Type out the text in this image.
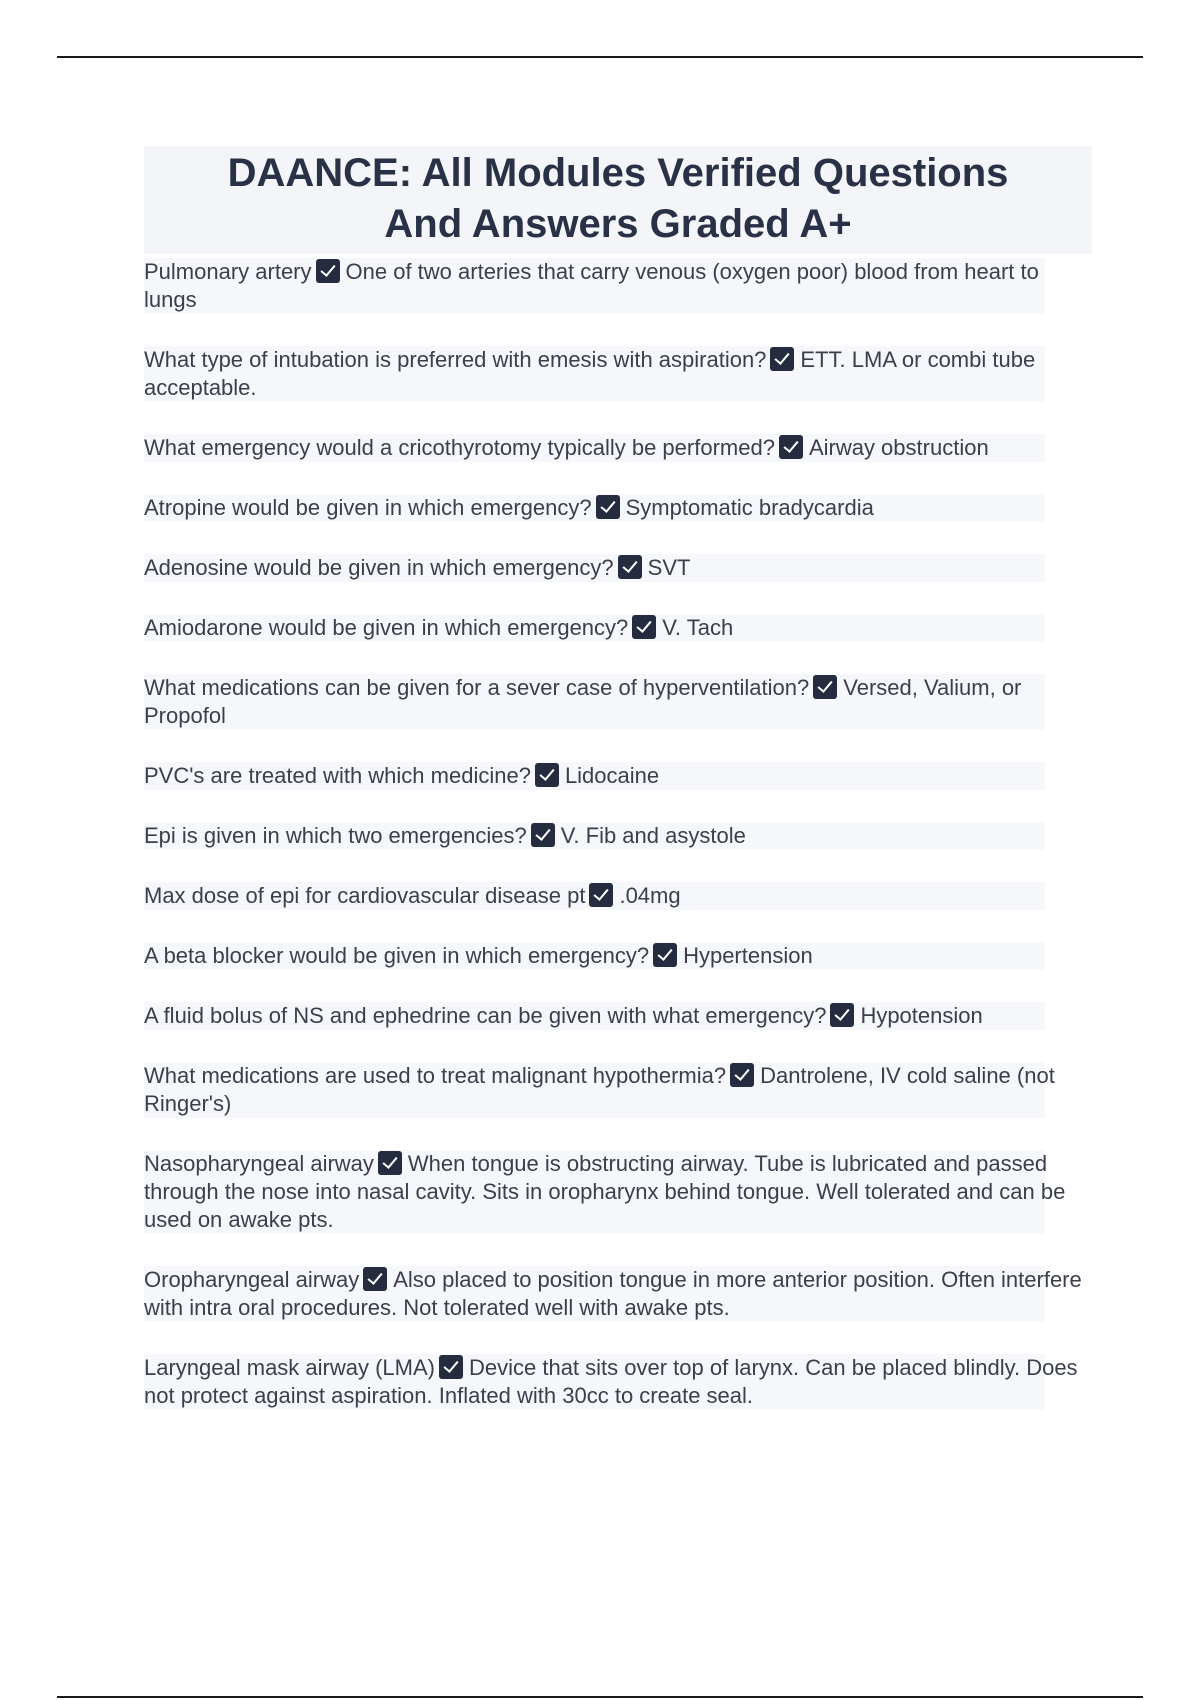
DAANCE: All Modules Verified Questions
And Answers Graded A+
Pulmonary artery One of two arteries that carry venous (oxygen poor) blood from heart to lungs
What type of intubation is preferred with emesis with aspiration? ETT. LMA or combi tube acceptable.
What emergency would a cricothyrotomy typically be performed? Airway obstruction
Atropine would be given in which emergency? Symptomatic bradycardia
Adenosine would be given in which emergency? SVT
Amiodarone would be given in which emergency? V. Tach
What medications can be given for a sever case of hyperventilation? Versed, Valium, or Propofol
PVC's are treated with which medicine? Lidocaine
Epi is given in which two emergencies? V. Fib and asystole
Max dose of epi for cardiovascular disease pt .04mg
A beta blocker would be given in which emergency? Hypertension
A fluid bolus of NS and ephedrine can be given with what emergency? Hypotension
What medications are used to treat malignant hypothermia? Dantrolene, IV cold saline (not Ringer's)
Nasopharyngeal airway When tongue is obstructing airway. Tube is lubricated and passed through the nose into nasal cavity. Sits in oropharynx behind tongue. Well tolerated and can be used on awake pts.
Oropharyngeal airway Also placed to position tongue in more anterior position. Often interfere with intra oral procedures. Not tolerated well with awake pts.
Laryngeal mask airway (LMA) Device that sits over top of larynx. Can be placed blindly. Does not protect against aspiration. Inflated with 30cc to create seal.
